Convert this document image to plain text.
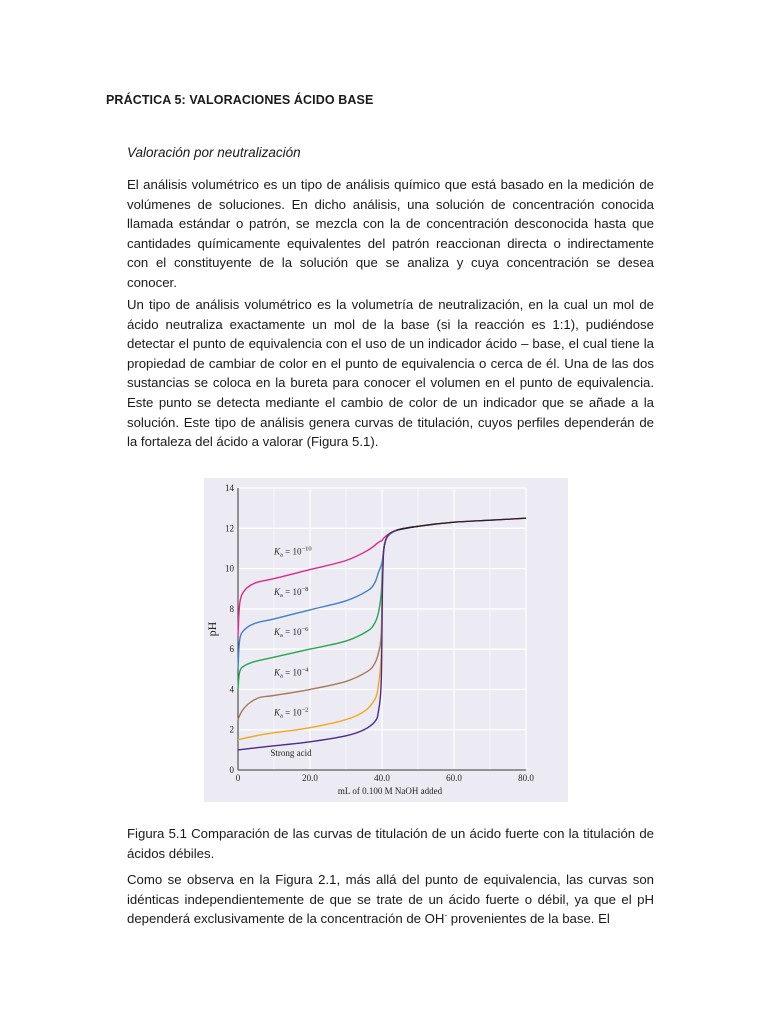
PRÁCTICA 5: VALORACIONES ÁCIDO BASE
Valoración por neutralización

El análisis volumétrico es un tipo de análisis químico que está basado en la medición de volúmenes de soluciones. En dicho análisis, una solución de concentración conocida llamada estándar o patrón, se mezcla con la de concentración desconocida hasta que cantidades químicamente equivalentes del patrón reaccionan directa o indirectamente con el constituyente de la solución que se analiza y cuya concentración se desea conocer.

Un tipo de análisis volumétrico es la volumetría de neutralización, en la cual un mol de ácido neutraliza exactamente un mol de la base (si la reacción es 1:1), pudiéndose detectar el punto de equivalencia con el uso de un indicador ácido – base, el cual tiene la propiedad de cambiar de color en el punto de equivalencia o cerca de él. Una de las dos sustancias se coloca en la bureta para conocer el volumen en el punto de equivalencia. Este punto se detecta mediante el cambio de color de un indicador que se añade a la solución. Este tipo de análisis genera curvas de titulación, cuyos perfiles dependerán de la fortaleza del ácido a valorar (Figura 5.1).

0
2
4
6
8
10
12
14
0	20.0	40.0	60.0	80.0
$K_a = 10^{-10}$
$K_a = 10^{-8}$
$K_a = 10^{-6}$
$K_a = 10^{-4}$
$K_a = 10^{-2}$
Strong acid
pH
mL of 0.100 M NaOH added

Figura 5.1 Comparación de las curvas de titulación de un ácido fuerte con la titulación de ácidos débiles.

Como se observa en la Figura 2.1, más allá del punto de equivalencia, las curvas son idénticas independientemente de que se trate de un ácido fuerte o débil, ya que el pH dependerá exclusivamente de la concentración de OH- provenientes de la base. El
